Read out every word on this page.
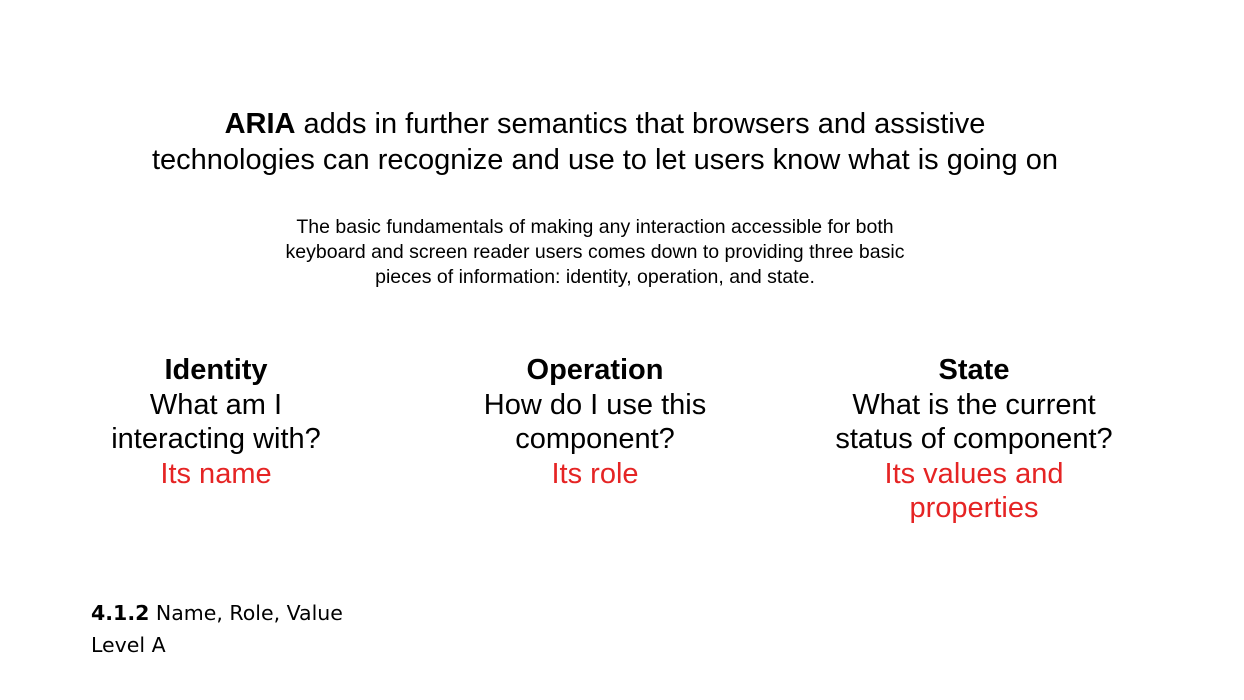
ARIA adds in further semantics that browsers and assistive
technologies can recognize and use to let users know what is going on
The basic fundamentals of making any interaction accessible for both
keyboard and screen reader users comes down to providing three basic
pieces of information: identity, operation, and state.
Identity
What am I
interacting with?
Its name
Operation
How do I use this
component?
Its role
State
What is the current
status of component?
Its values and
properties
4.1.2 Name, Role, Value
Level A
